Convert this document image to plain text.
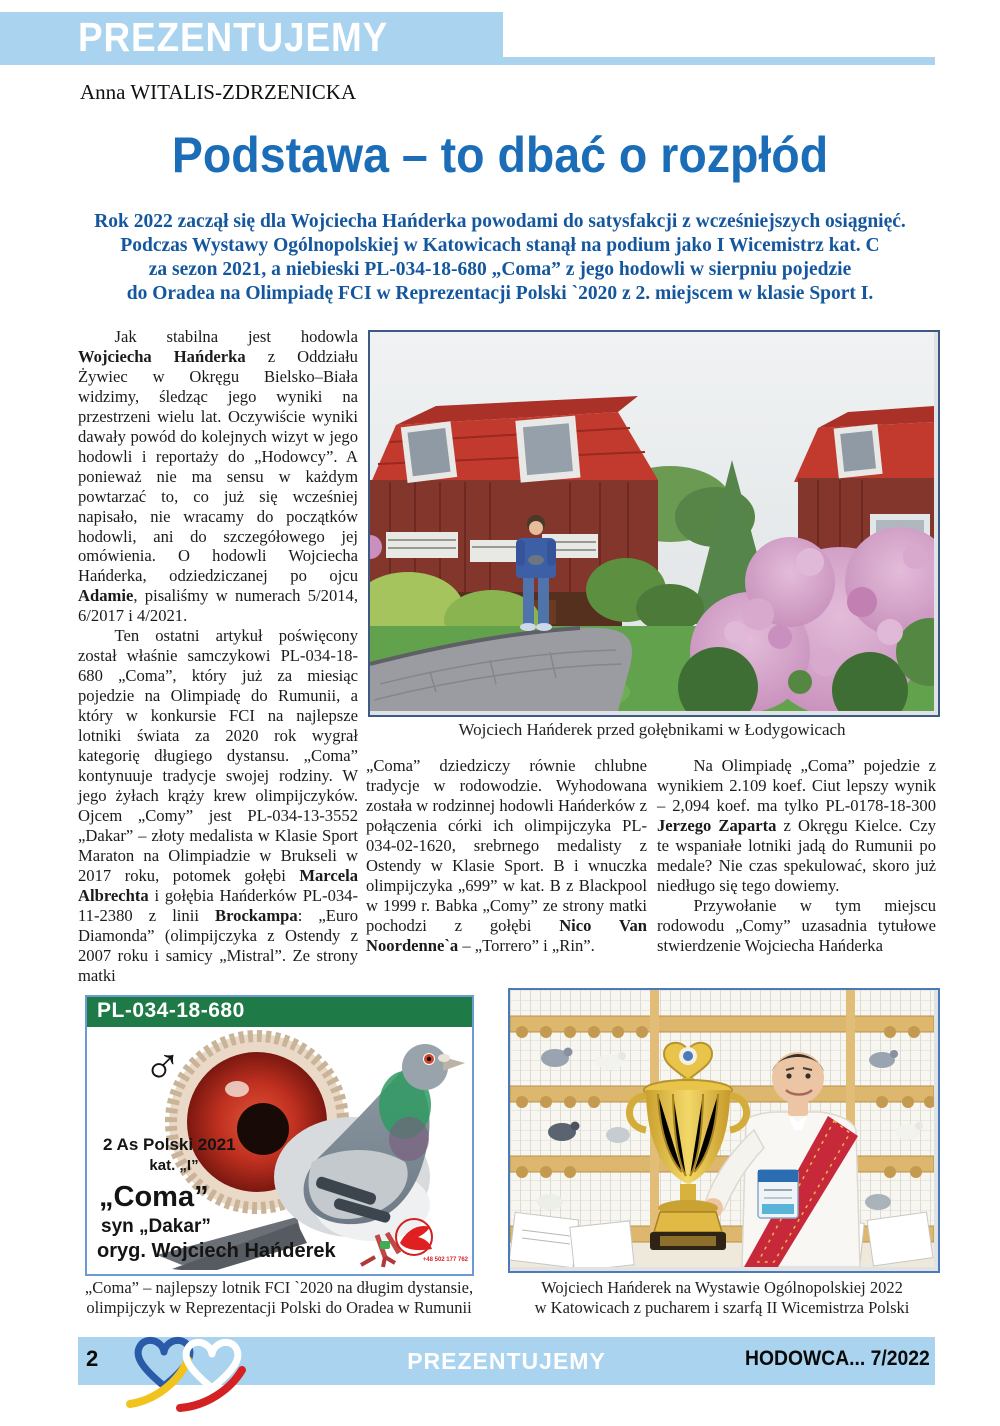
PREZENTUJEMY
Anna WITALIS-ZDRZENICKA
Podstawa – to dbać o rozpłód
Rok 2022 zaczął się dla Wojciecha Hańderka powodami do satysfakcji z wcześniejszych osiągnięć.
Podczas Wystawy Ogólnopolskiej w Katowicach stanął na podium jako I Wicemistrz kat. C
za sezon 2021, a niebieski PL-034-18-680 „Coma” z jego hodowli w sierpniu pojedzie
do Oradea na Olimpiadę FCI w Reprezentacji Polski `2020 z 2. miejscem w klasie Sport I.

Jak stabilna jest hodowla Wojciecha Hańderka z Oddziału Żywiec w Okręgu Bielsko–Biała widzimy, śledząc jego wyniki na przestrzeni wielu lat. Oczywiście wyniki dawały powód do kolejnych wizyt w jego hodowli i reportaży do „Hodowcy”. A ponieważ nie ma sensu w każdym powtarzać to, co już się wcześniej napisało, nie wracamy do początków hodowli, ani do szczegółowego jej omówienia. O hodowli Wojciecha Hańderka, odziedziczanej po ojcu Adamie, pisaliśmy w numerach 5/2014, 6/2017 i 4/2021.

Ten ostatni artykuł poświęcony został właśnie samczykowi PL-034-18-680 „Coma”, który już za miesiąc pojedzie na Olimpiadę do Rumunii, a który w konkursie FCI na najlepsze lotniki świata za 2020 rok wygrał kategorię długiego dystansu. „Coma” kontynuuje tradycje swojej rodziny. W jego żyłach krąży krew olimpijczyków. Ojcem „Comy” jest PL-034-13-3552 „Dakar” – złoty medalista w Klasie Sport Maraton na Olimpiadzie w Brukseli w 2017 roku, potomek gołębi Marcela Albrechta i gołębia Hańderków PL-034-11-2380 z linii Brockampa: „Euro Diamonda” (olimpijczyka z Ostendy z 2007 roku i samicy „Mistral”. Ze strony matki

„Coma” dziedziczy równie chlubne tradycje w rodowodzie. Wyhodowana została w rodzinnej hodowli Hańderków z połączenia córki ich olimpijczyka PL-034-02-1620, srebrnego medalisty z Ostendy w Klasie Sport. B i wnuczka olimpijczyka „699” w kat. B z Blackpool w 1999 r. Babka „Comy” ze strony matki pochodzi z gołębi Nico Van Noordenne`a – „Torrero” i „Rin”.

Na Olimpiadę „Coma” pojedzie z wynikiem 2.109 koef. Ciut lepszy wynik – 2,094 koef. ma tylko PL-0178-18-300 Jerzego Zaparta z Okręgu Kielce. Czy te wspaniałe lotniki jadą do Rumunii po medale? Nie czas spekulować, skoro już niedługo się tego dowiemy.

Przywołanie w tym miejscu rodowodu „Comy” uzasadnia tytułowe stwierdzenie Wojciecha Hańderka

Wojciech Hańderek przed gołębnikami w Łodygowicach
PL-034-18-680
♂
2 As Polski 2021
kat. „I”
„Coma”
syn „Dakar”
oryg. Wojciech Hańderek	+48 502 177 762
„Coma” – najlepszy lotnik FCI `2020 na długim dystansie,
olimpijczyk w Reprezentacji Polski do Oradea w Rumunii
Wojciech Hańderek na Wystawie Ogólnopolskiej 2022
w Katowicach z pucharem i szarfą II Wicemistrza Polski
2	PREZENTUJEMY	HODOWCA... 7/2022
